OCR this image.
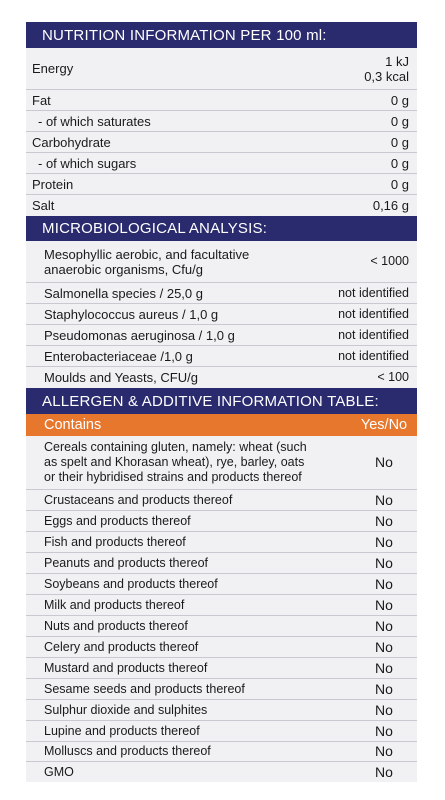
NUTRITION INFORMATION PER 100 ml:
Energy	1 kJ
0,3 kcal
Fat	0 g
- of which saturates	0 g
Carbohydrate	0 g
- of which sugars	0 g
Protein	0 g
Salt	0,16 g
MICROBIOLOGICAL ANALYSIS:
Mesophyllic aerobic, and facultative
anaerobic organisms, Cfu/g
< 1000
Salmonella species / 25,0 g	not identified
Staphylococcus aureus / 1,0 g	not identified
Pseudomonas aeruginosa / 1,0 g	not identified
Enterobacteriaceae /1,0 g	not identified
Moulds and Yeasts, CFU/g	< 100
ALLERGEN & ADDITIVE INFORMATION TABLE:
Contains	Yes/No
Cereals containing gluten, namely: wheat (such
as spelt and Khorasan wheat), rye, barley, oats
or their hybridised strains and products thereof
No
Crustaceans and products thereof	No
Eggs and products thereof	No
Fish and products thereof	No
Peanuts and products thereof	No
Soybeans and products thereof	No
Milk and products thereof	No
Nuts and products thereof	No
Celery and products thereof	No
Mustard and products thereof	No
Sesame seeds and products thereof	No
Sulphur dioxide and sulphites	No
Lupine and products thereof	No
Molluscs and products thereof	No
GMO	No
